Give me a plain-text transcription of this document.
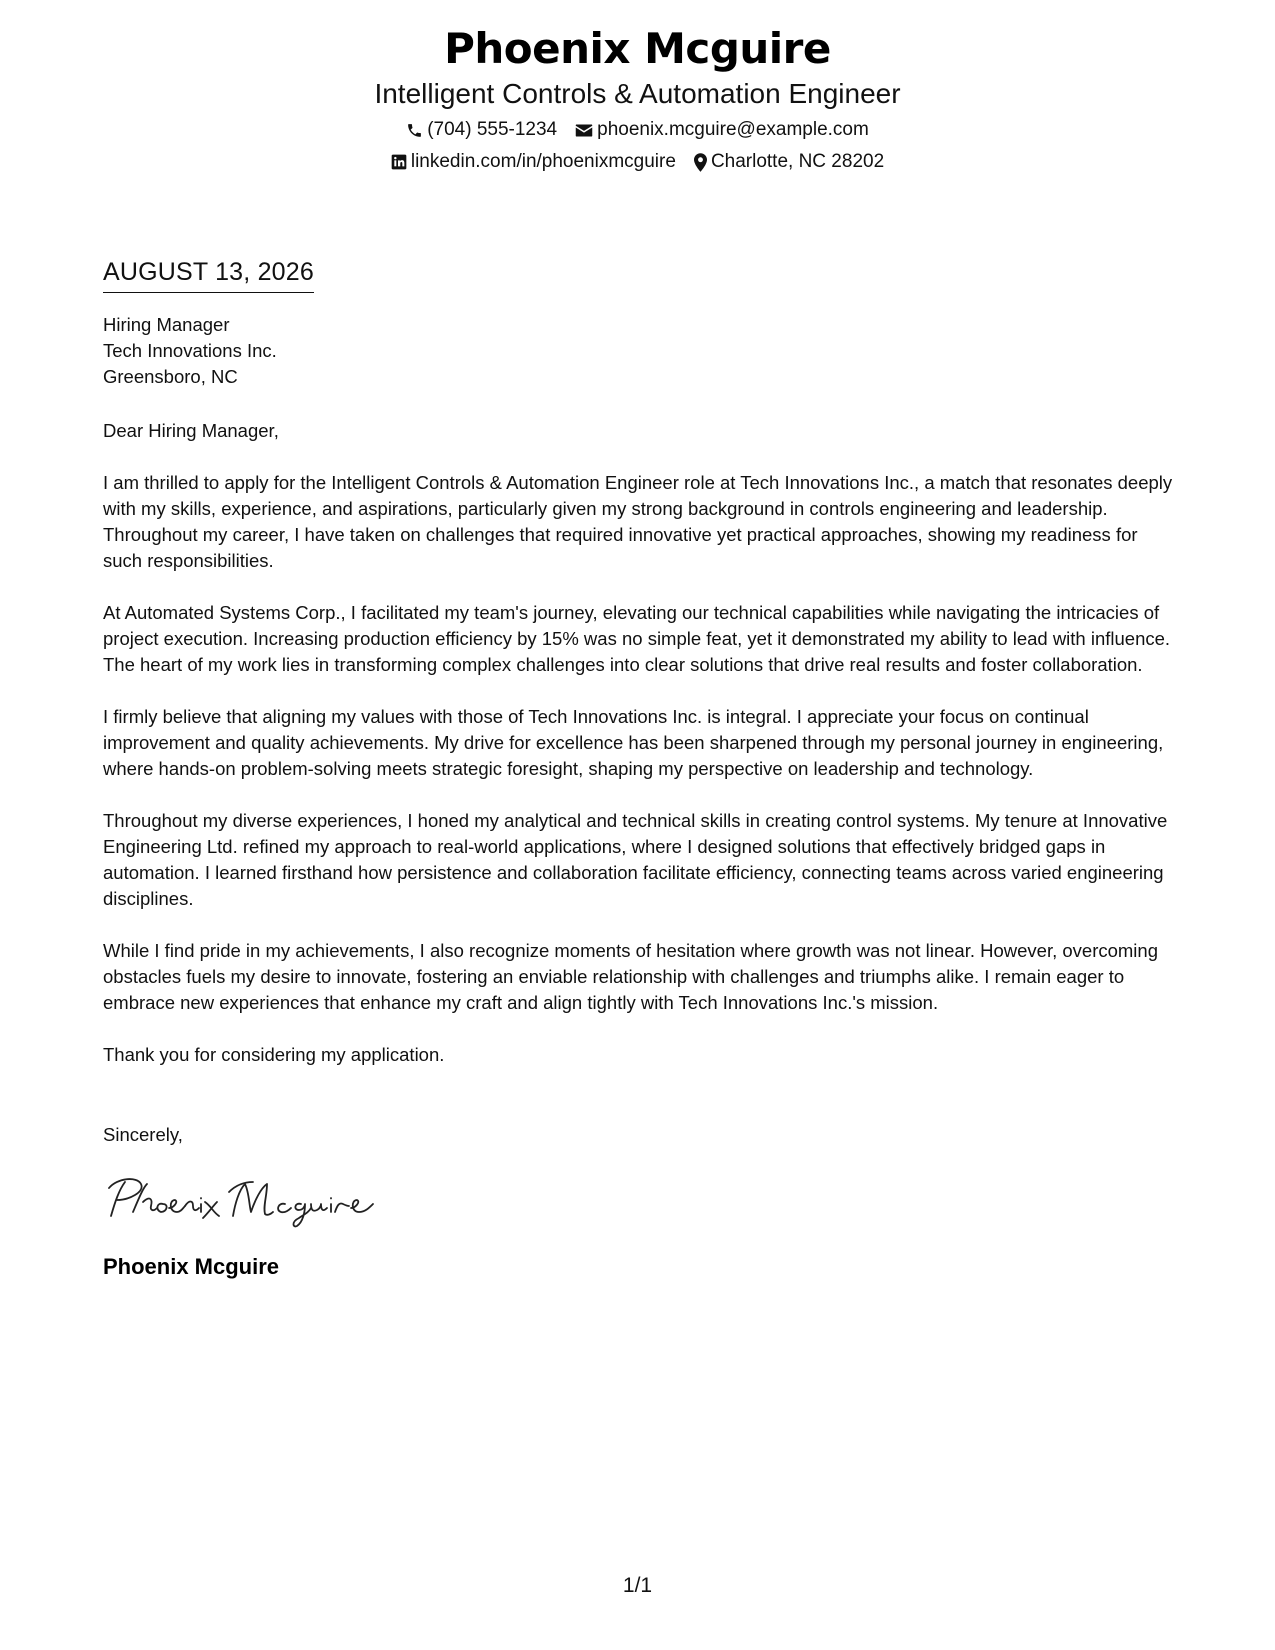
Phoenix Mcguire
Intelligent Controls & Automation Engineer
(704) 555-1234 phoenix.mcguire@example.com
linkedin.com/in/phoenixmcguire Charlotte, NC 28202
AUGUST 13, 2026
Hiring Manager
Tech Innovations Inc.
Greensboro, NC
Dear Hiring Manager,
I am thrilled to apply for the Intelligent Controls & Automation Engineer role at Tech Innovations Inc., a match that resonates deeply with my skills, experience, and aspirations, particularly given my strong background in controls engineering and leadership. Throughout my career, I have taken on challenges that required innovative yet practical approaches, showing my readiness for such responsibilities.
At Automated Systems Corp., I facilitated my team's journey, elevating our technical capabilities while navigating the intricacies of project execution. Increasing production efficiency by 15% was no simple feat, yet it demonstrated my ability to lead with influence. The heart of my work lies in transforming complex challenges into clear solutions that drive real results and foster collaboration.
I firmly believe that aligning my values with those of Tech Innovations Inc. is integral. I appreciate your focus on continual improvement and quality achievements. My drive for excellence has been sharpened through my personal journey in engineering, where hands-on problem-solving meets strategic foresight, shaping my perspective on leadership and technology.
Throughout my diverse experiences, I honed my analytical and technical skills in creating control systems. My tenure at Innovative Engineering Ltd. refined my approach to real-world applications, where I designed solutions that effectively bridged gaps in automation. I learned firsthand how persistence and collaboration facilitate efficiency, connecting teams across varied engineering disciplines.
While I find pride in my achievements, I also recognize moments of hesitation where growth was not linear. However, overcoming obstacles fuels my desire to innovate, fostering an enviable relationship with challenges and triumphs alike. I remain eager to embrace new experiences that enhance my craft and align tightly with Tech Innovations Inc.'s mission.
Thank you for considering my application.
Sincerely,
Phoenix Mcguire
1/1
